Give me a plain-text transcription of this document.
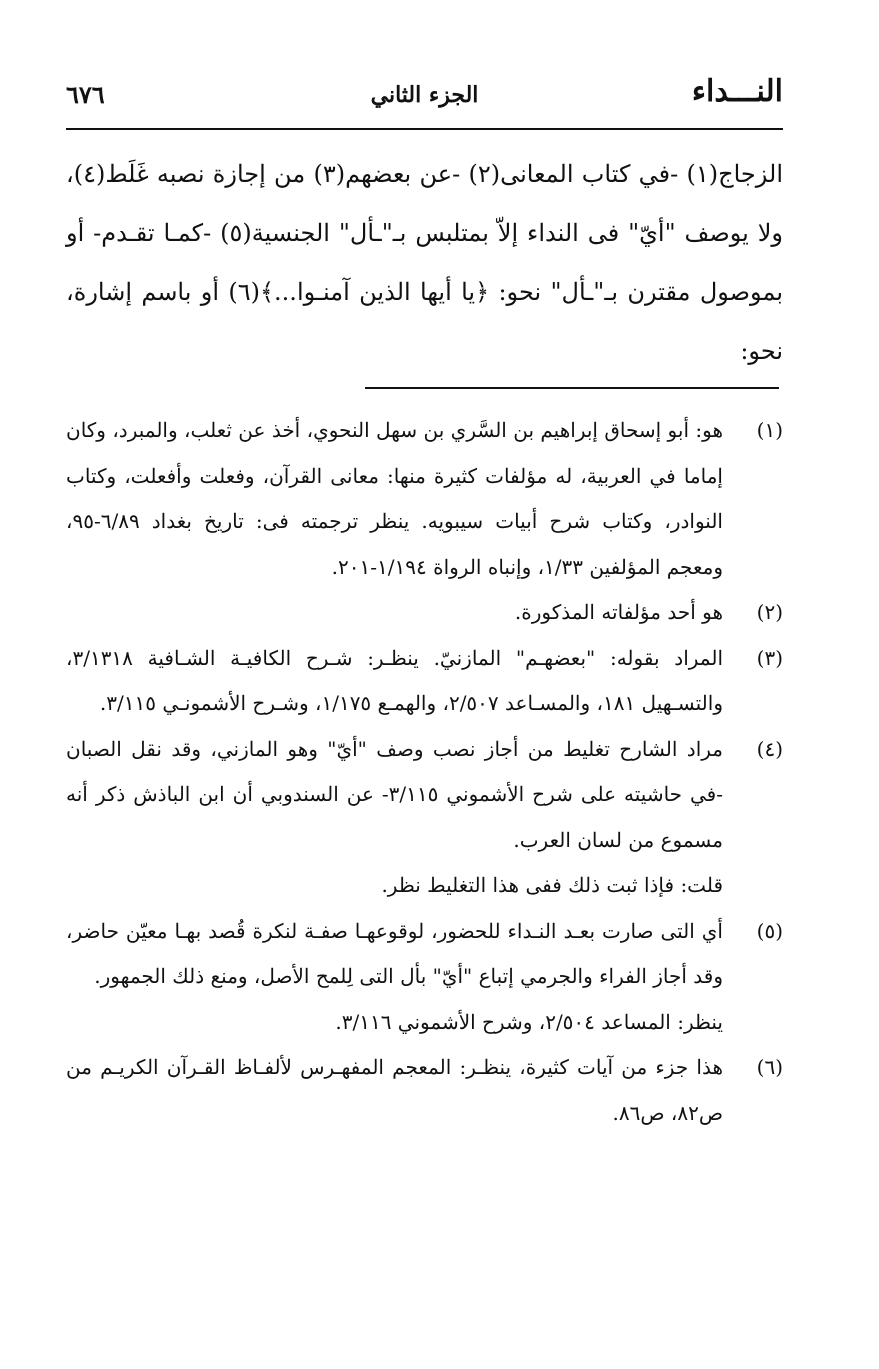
النـــداء
الجزء الثاني
٦٧٦

الزجاج(١) -في كتاب المعانى(٢) -عن بعضهم(٣) من إجازة نصبه غَلَط(٤)، ولا يوصف "أيّ" فى النداء إلاّ بمتلبس بـ"ـأل" الجنسية(٥) -كمـا تقـدم- أو بموصول مقترن بـ"ـأل" نحو: ﴿يا أيها الذين آمنـوا...﴾(٦) أو باسم إشارة، نحو:

(١)

هو: أبو إسحاق إبراهيم بن السَّري بن سهل النحوي، أخذ عن ثعلب، والمبرد، وكان إماما في العربية، له مؤلفات كثيرة منها: معانى القرآن، وفعلت وأفعلت، وكتاب النوادر، وكتاب شرح أبيات سيبويه. ينظر ترجمته فى: تاريخ بغداد ٦/٨٩-٩٥، ومعجم المؤلفين ١/٣٣، وإنباه الرواة ١/١٩٤-٢٠١.

(٢)

هو أحد مؤلفاته المذكورة.

(٣)

المراد بقوله: "بعضهـم" المازنيّ. ينظـر: شـرح الكافيـة الشـافية ٣/١٣١٨، والتسـهيل ١٨١، والمسـاعد ٢/٥٠٧، والهمـع ١/١٧٥، وشـرح الأشمونـي ٣/١١٥.

(٤)

مراد الشارح تغليط من أجاز نصب وصف "أيّ" وهو المازني، وقد نقل الصبان -في حاشيته على شرح الأشموني ٣/١١٥- عن السندوبي أن ابن الباذش ذكر أنه مسموع من لسان العرب.

قلت: فإذا ثبت ذلك ففى هذا التغليط نظر.

(٥)

أي التى صارت بعـد النـداء للحضور، لوقوعهـا صفـة لنكرة قُصد بهـا معيّن حاضر، وقد أجاز الفراء والجرمي إتباع "أيّ" بأل التى لِلمح الأصل، ومنع ذلك الجمهور.

ينظر: المساعد ٢/٥٠٤، وشرح الأشموني ٣/١١٦.

(٦)

هذا جزء من آيات كثيرة، ينظـر: المعجم المفهـرس لألفـاظ القـرآن الكريـم من ص٨٢، ص٨٦.
